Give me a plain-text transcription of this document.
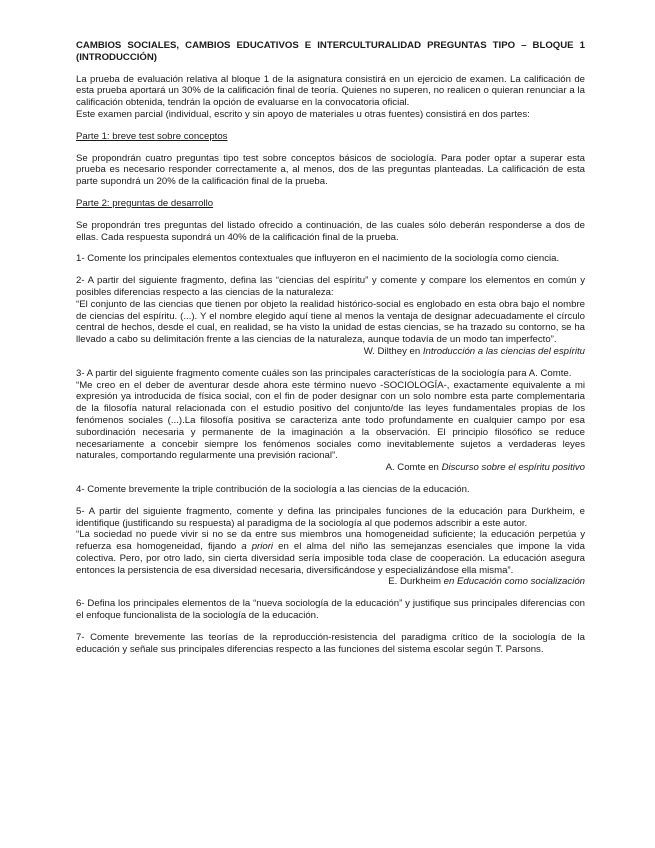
CAMBIOS SOCIALES, CAMBIOS EDUCATIVOS E INTERCULTURALIDAD PREGUNTAS TIPO – BLOQUE 1 (INTRODUCCIÓN)

La prueba de evaluación relativa al bloque 1 de la asignatura consistirá en un ejercicio de examen. La calificación de esta prueba aportará un 30% de la calificación final de teoría. Quienes no superen, no realicen o quieran renunciar a la calificación obtenida, tendrán la opción de evaluarse en la convocatoria oficial.

Este examen parcial (individual, escrito y sin apoyo de materiales u otras fuentes) consistirá en dos partes:

Parte 1: breve test sobre conceptos

Se propondrán cuatro preguntas tipo test sobre conceptos básicos de sociología. Para poder optar a superar esta prueba es necesario responder correctamente a, al menos, dos de las preguntas planteadas. La calificación de esta parte supondrá un 20% de la calificación final de la prueba.

Parte 2: preguntas de desarrollo

Se propondrán tres preguntas del listado ofrecido a continuación, de las cuales sólo deberán responderse a dos de ellas. Cada respuesta supondrá un 40% de la calificación final de la prueba.

1- Comente los principales elementos contextuales que influyeron en el nacimiento de la sociología como ciencia.

2- A partir del siguiente fragmento, defina las “ciencias del espíritu” y comente y compare los elementos en común y posibles diferencias respecto a las ciencias de la naturaleza:

“El conjunto de las ciencias que tienen por objeto la realidad histórico-social es englobado en esta obra bajo el nombre de ciencias del espíritu. (...). Y el nombre elegido aquí tiene al menos la ventaja de designar adecuadamente el círculo central de hechos, desde el cual, en realidad, se ha visto la unidad de estas ciencias, se ha trazado su contorno, se ha llevado a cabo su delimitación frente a las ciencias de la naturaleza, aunque todavía de un modo tan imperfecto”.

W. Dilthey en Introducción a las ciencias del espíritu

3- A partir del siguiente fragmento comente cuáles son las principales características de la sociología para A. Comte.

“Me creo en el deber de aventurar desde ahora este término nuevo -SOCIOLOGÍA-, exactamente equivalente a mi expresión ya introducida de física social, con el fin de poder designar con un solo nombre esta parte complementaria de la filosofía natural relacionada con el estudio positivo del conjunto/de las leyes fundamentales propias de los fenómenos sociales (...).La filosofía positiva se caracteriza ante todo profundamente en cualquier campo por esa subordinación necesaria y permanente de la imaginación a la observación. El principio filosófico se reduce necesariamente a concebir siempre los fenómenos sociales como inevitablemente sujetos a verdaderas leyes naturales, comportando regularmente una previsión racional”.

A. Comte en Discurso sobre el espíritu positivo

4- Comente brevemente la triple contribución de la sociología a las ciencias de la educación.

5- A partir del siguiente fragmento, comente y defina las principales funciones de la educación para Durkheim, e identifique (justificando su respuesta) al paradigma de la sociología al que podemos adscribir a este autor.

“La sociedad no puede vivir si no se da entre sus miembros una homogeneidad suficiente; la educación perpetúa y refuerza esa homogeneidad, fijando a priori en el alma del niño las semejanzas esenciales que impone la vida colectiva. Pero, por otro lado, sin cierta diversidad sería imposible toda clase de cooperación. La educación asegura entonces la persistencia de esa diversidad necesaria, diversificándose y especializándose ella misma”.

E. Durkheim en Educación como socialización

6- Defina los principales elementos de la “nueva sociología de la educación” y justifique sus principales diferencias con el enfoque funcionalista de la sociología de la educación.

7- Comente brevemente las teorías de la reproducción-resistencia del paradigma crítico de la sociología de la educación y señale sus principales diferencias respecto a las funciones del sistema escolar según T. Parsons.
